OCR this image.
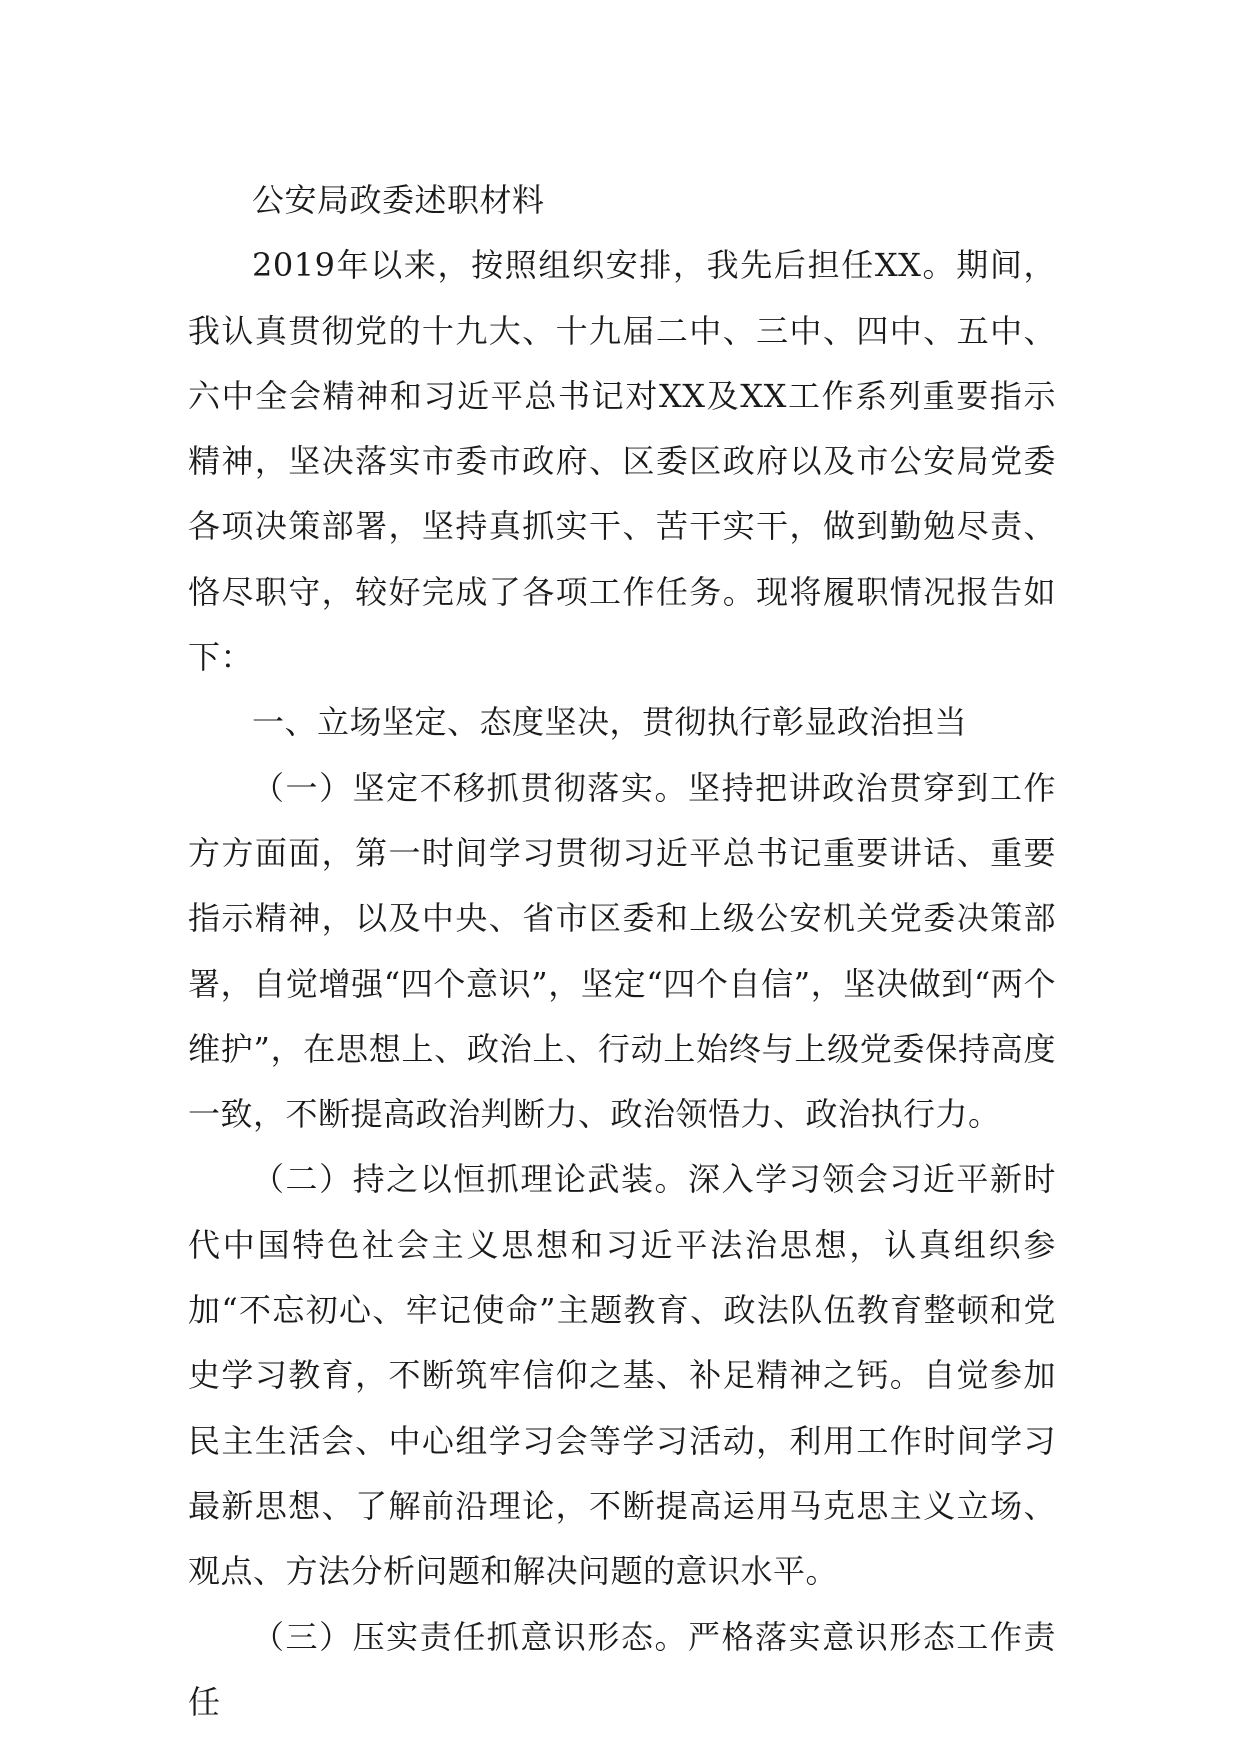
公安局政委述职材料

2019年以来，按照组织安排，我先后担任XX。期间，我认真贯彻党的十九大、十九届二中、三中、四中、五中、六中全会精神和习近平总书记对XX及XX工作系列重要指示精神，坚决落实市委市政府、区委区政府以及市公安局党委各项决策部署，坚持真抓实干、苦干实干，做到勤勉尽责、恪尽职守，较好完成了各项工作任务。现将履职情况报告如下：

一、立场坚定、态度坚决，贯彻执行彰显政治担当

（一）坚定不移抓贯彻落实。坚持把讲政治贯穿到工作方方面面，第一时间学习贯彻习近平总书记重要讲话、重要指示精神，以及中央、省市区委和上级公安机关党委决策部署，自觉增强“四个意识”，坚定“四个自信”，坚决做到“两个维护”，在思想上、政治上、行动上始终与上级党委保持高度一致，不断提高政治判断力、政治领悟力、政治执行力。

（二）持之以恒抓理论武装。深入学习领会习近平新时代中国特色社会主义思想和习近平法治思想，认真组织参加“不忘初心、牢记使命”主题教育、政法队伍教育整顿和党史学习教育，不断筑牢信仰之基、补足精神之钙。自觉参加民主生活会、中心组学习会等学习活动，利用工作时间学习最新思想、了解前沿理论，不断提高运用马克思主义立场、观点、方法分析问题和解决问题的意识水平。

（三）压实责任抓意识形态。严格落实意识形态工作责任
